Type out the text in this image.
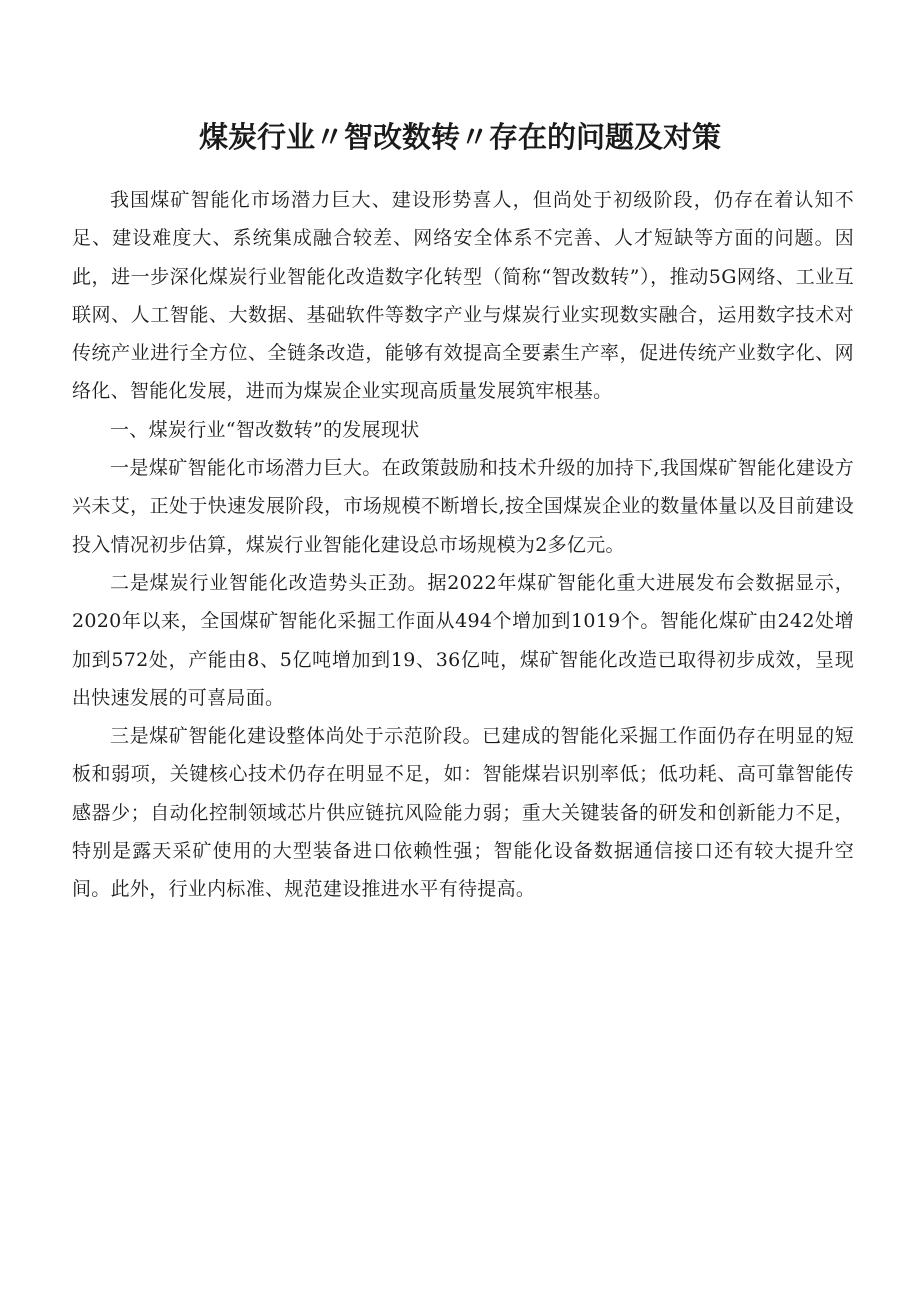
煤炭行业〃智改数转〃存在的问题及对策

我国煤矿智能化市场潜力巨大、建设形势喜人，但尚处于初级阶段，仍存在着认知不足、建设难度大、系统集成融合较差、网络安全体系不完善、人才短缺等方面的问题。因此，进一步深化煤炭行业智能化改造数字化转型（简称“智改数转”），推动5G网络、工业互联网、人工智能、大数据、基础软件等数字产业与煤炭行业实现数实融合，运用数字技术对传统产业进行全方位、全链条改造，能够有效提高全要素生产率，促进传统产业数字化、网络化、智能化发展，进而为煤炭企业实现高质量发展筑牢根基。

一、煤炭行业“智改数转”的发展现状

一是煤矿智能化市场潜力巨大。在政策鼓励和技术升级的加持下,我国煤矿智能化建设方兴未艾，正处于快速发展阶段，市场规模不断增长,按全国煤炭企业的数量体量以及目前建设投入情况初步估算，煤炭行业智能化建设总市场规模为2多亿元。

二是煤炭行业智能化改造势头正劲。据2022年煤矿智能化重大进展发布会数据显示，2020年以来，全国煤矿智能化采掘工作面从494个增加到1019个。智能化煤矿由242处增加到572处，产能由8、5亿吨增加到19、36亿吨，煤矿智能化改造已取得初步成效，呈现出快速发展的可喜局面。

三是煤矿智能化建设整体尚处于示范阶段。已建成的智能化采掘工作面仍存在明显的短板和弱项，关键核心技术仍存在明显不足，如：智能煤岩识别率低；低功耗、高可靠智能传感器少；自动化控制领域芯片供应链抗风险能力弱；重大关键装备的研发和创新能力不足，特别是露天采矿使用的大型装备进口依赖性强；智能化设备数据通信接口还有较大提升空间。此外，行业内标准、规范建设推进水平有待提高。
